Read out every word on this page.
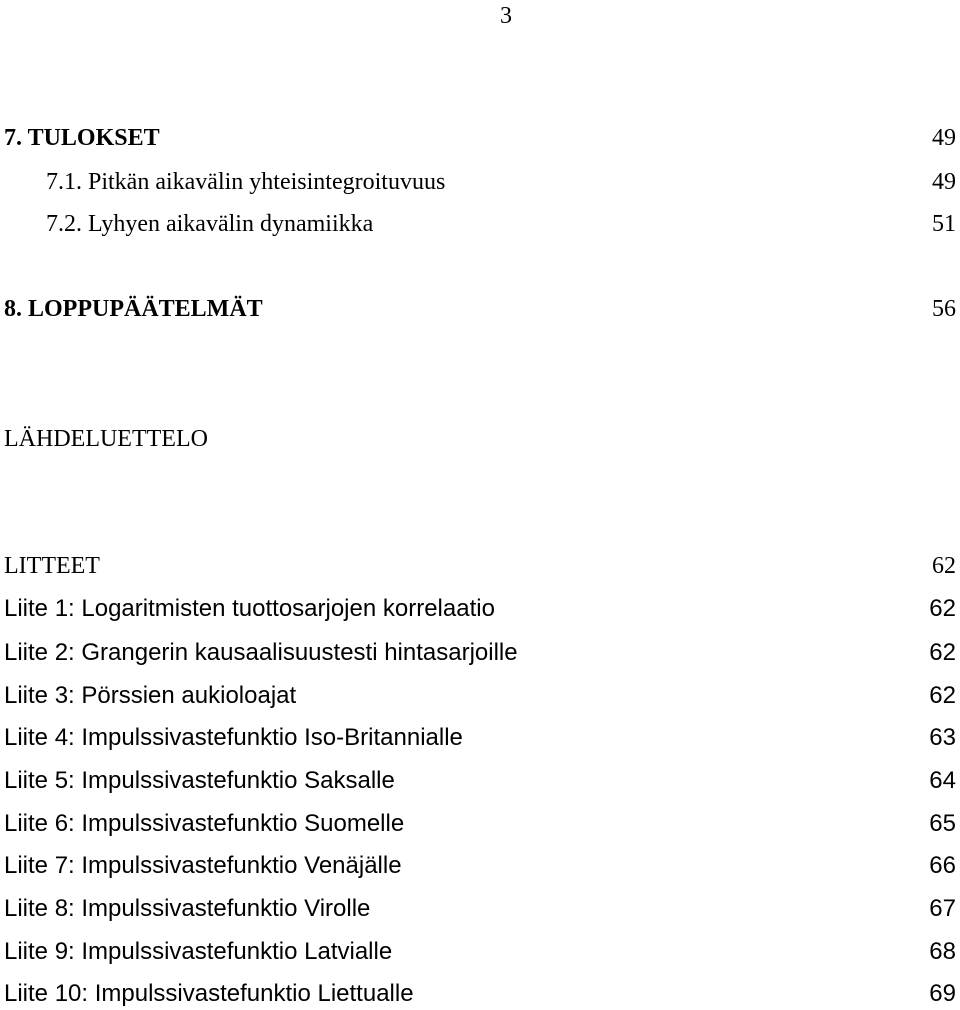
3
7. TULOKSET	49
7.1. Pitkän aikavälin yhteisintegroituvuus	49
7.2. Lyhyen aikavälin dynamiikka	51
8. LOPPUPÄÄTELMÄT	56
LÄHDELUETTELO
LITTEET	62
Liite 1: Logaritmisten tuottosarjojen korrelaatio	62
Liite 2: Grangerin kausaalisuustesti hintasarjoille	62
Liite 3: Pörssien aukioloajat	62
Liite 4: Impulssivastefunktio Iso-Britannialle	63
Liite 5: Impulssivastefunktio Saksalle	64
Liite 6: Impulssivastefunktio Suomelle	65
Liite 7: Impulssivastefunktio Venäjälle	66
Liite 8: Impulssivastefunktio Virolle	67
Liite 9: Impulssivastefunktio Latvialle	68
Liite 10: Impulssivastefunktio Liettualle	69
